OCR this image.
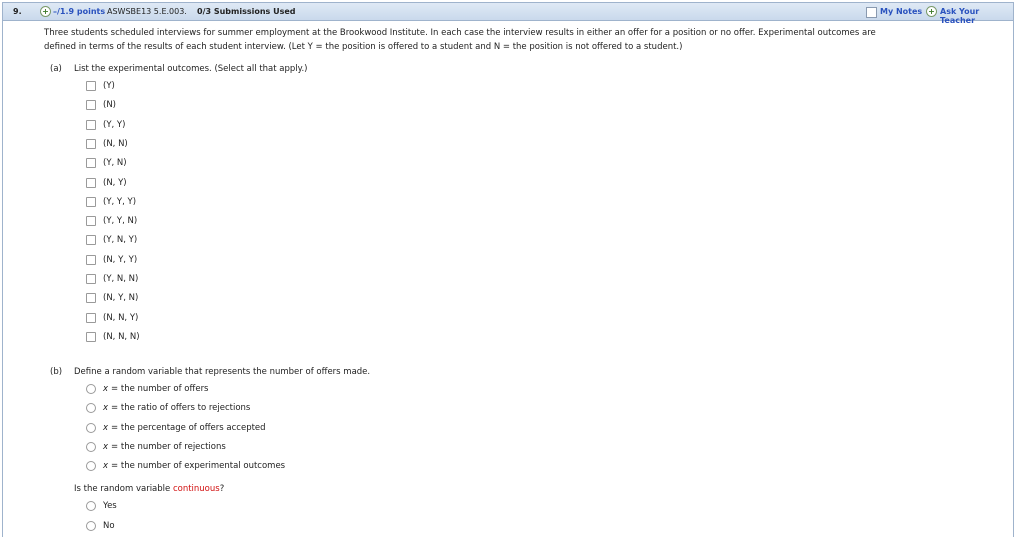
9.	+ –/1.9 points ASWSBE13 5.E.003. 0/3 Submissions Used	My Notes + Ask Your Teacher
Three students scheduled interviews for summer employment at the Brookwood Institute. In each case the interview results in either an offer for a position or no offer. Experimental outcomes are
defined in terms of the results of each student interview. (Let Y = the position is offered to a student and N = the position is not offered to a student.)
(a) List the experimental outcomes. (Select all that apply.)
(Y)
(N)
(Y, Y)
(N, N)
(Y, N)
(N, Y)
(Y, Y, Y)
(Y, Y, N)
(Y, N, Y)
(N, Y, Y)
(Y, N, N)
(N, Y, N)
(N, N, Y)
(N, N, N)
(b) Define a random variable that represents the number of offers made.
x = the number of offers
x = the ratio of offers to rejections
x = the percentage of offers accepted
x = the number of rejections
x = the number of experimental outcomes
Is the random variable continuous?
Yes
No
